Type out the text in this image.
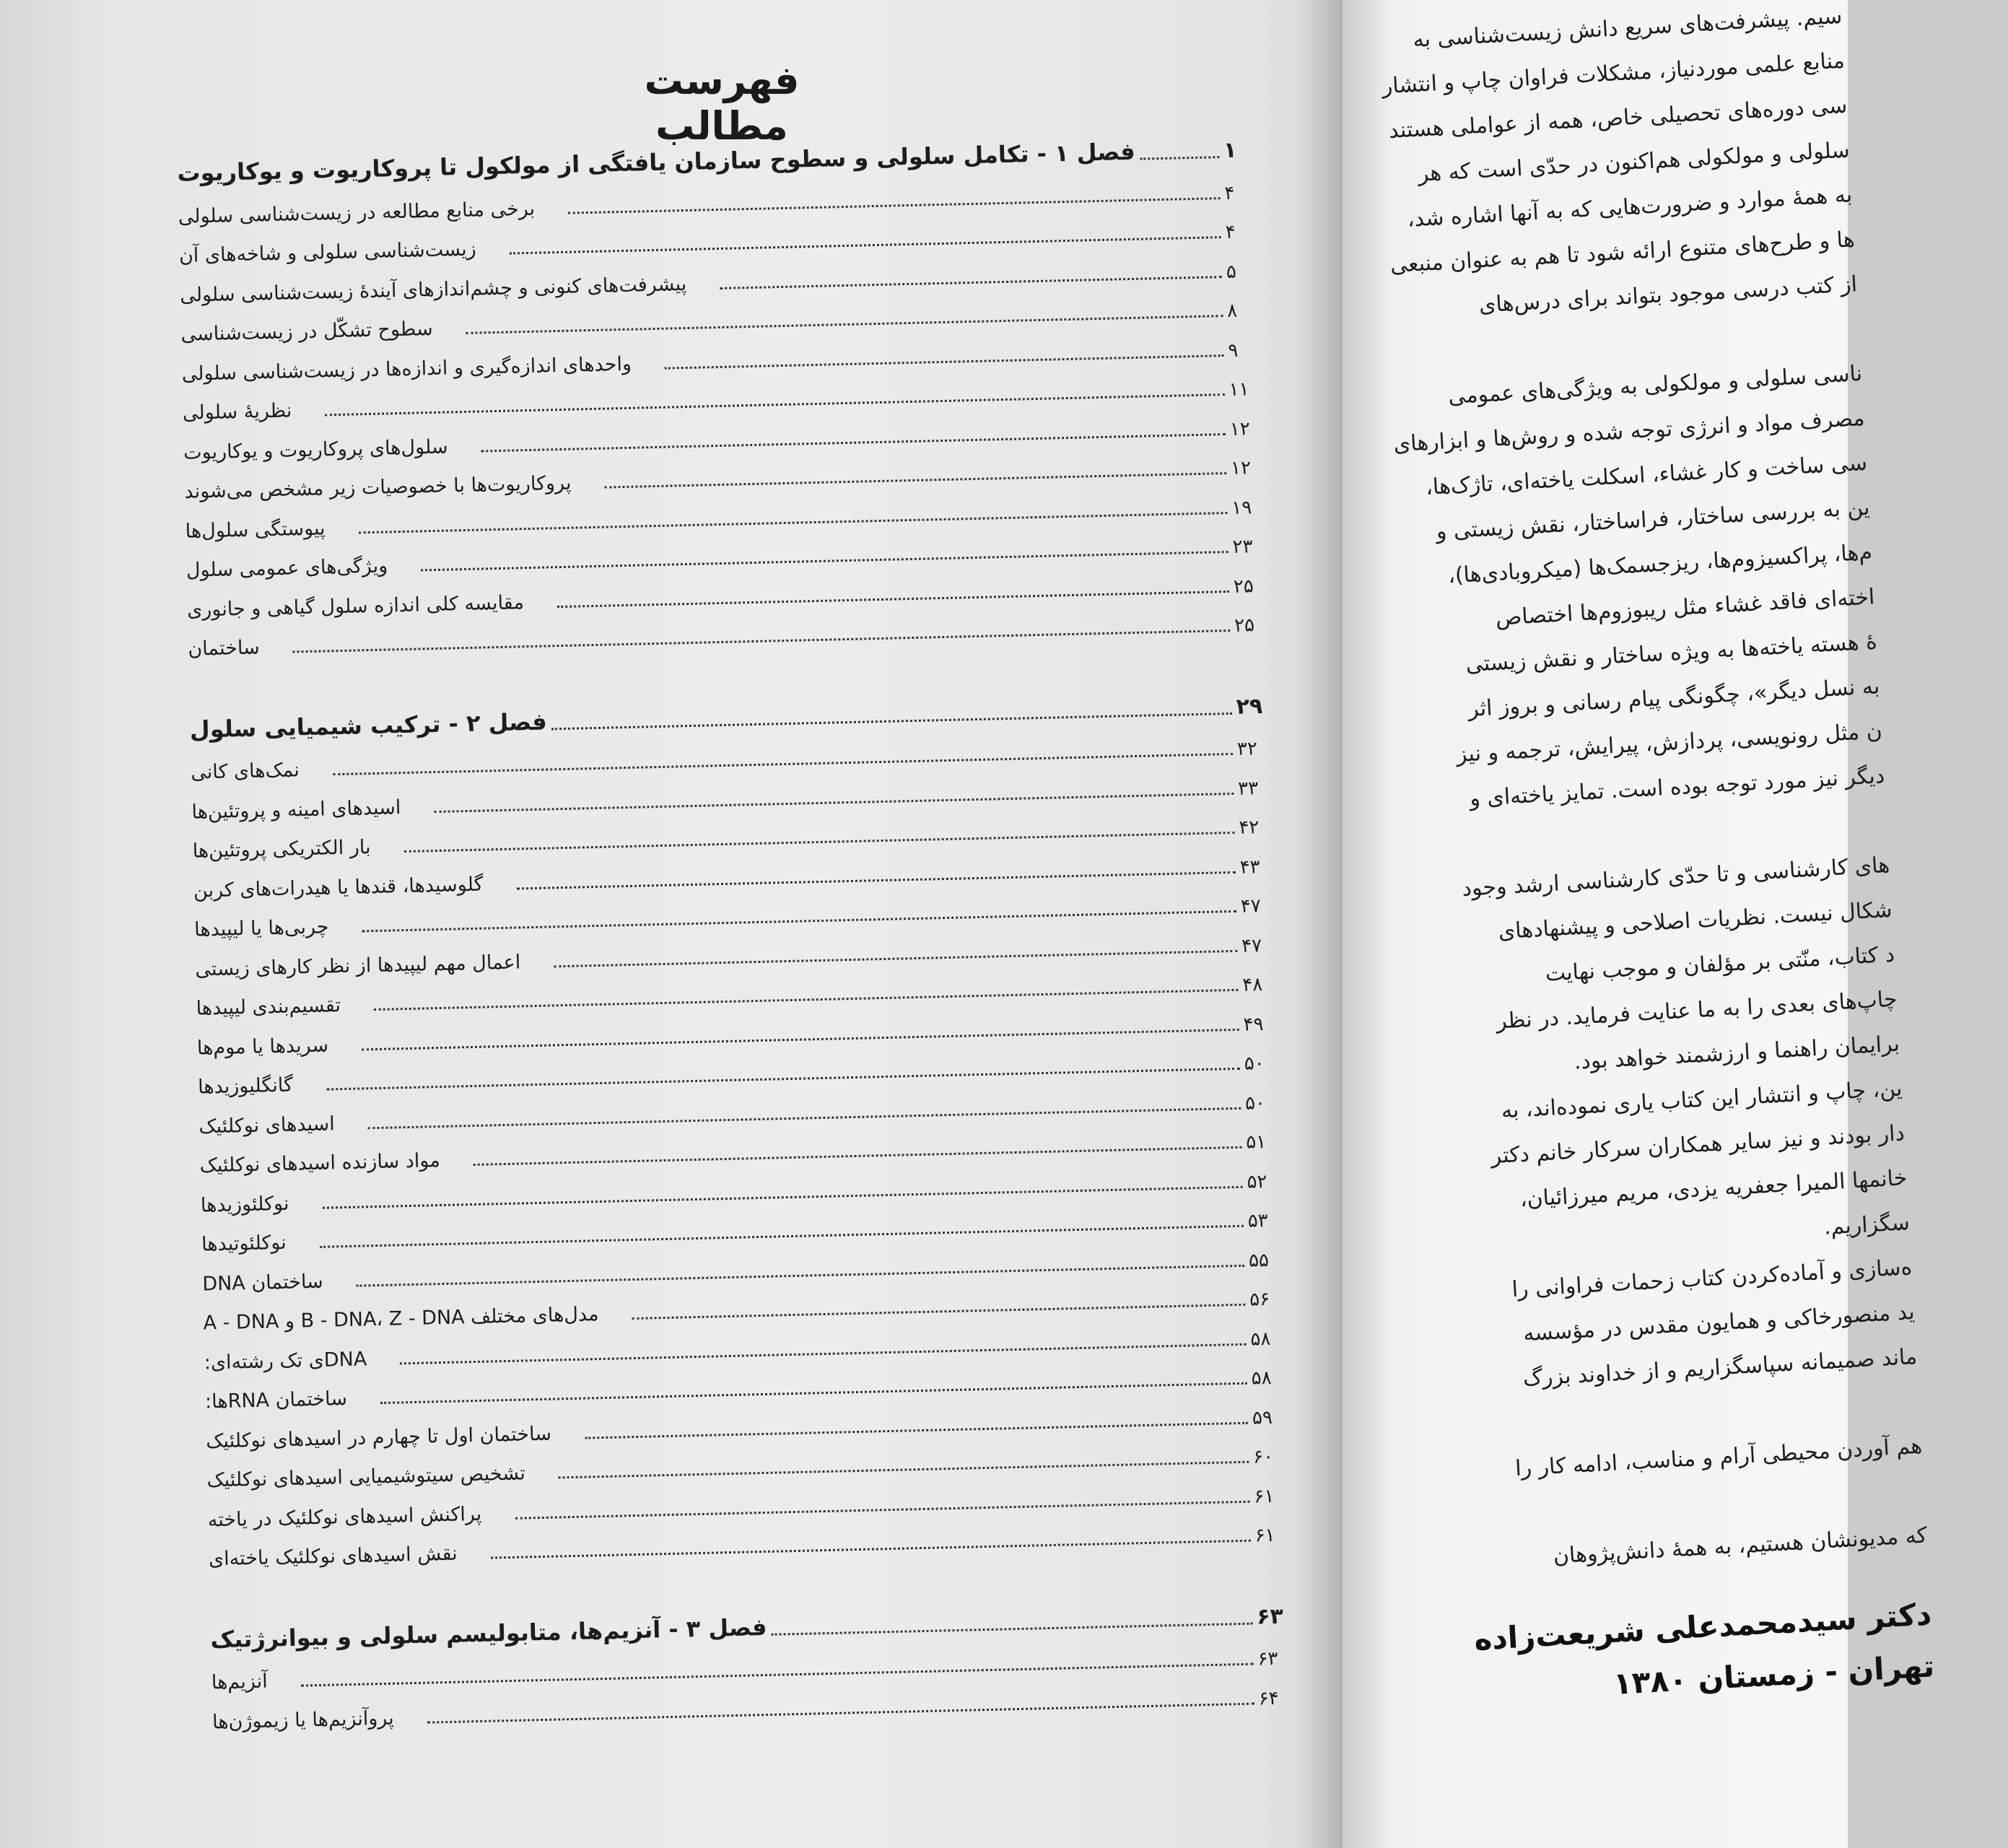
فهرست مطالب
فصل ۱ - تکامل سلولی و سطوح سازمان یافتگی از مولکول تا پروکاریوت و یوکاریوت	۱
برخی منابع مطالعه در زیست‌شناسی سلولی
۴
زیست‌شناسی سلولی و شاخه‌های آن
۴
پیشرفت‌های کنونی و چشم‌اندازهای آیندهٔ زیست‌شناسی سلولی
۵
سطوح تشکّل در زیست‌شناسی
۸
واحدهای اندازه‌گیری و اندازه‌ها در زیست‌شناسی سلولی
۹
نظریهٔ سلولی
۱۱
سلول‌های پروکاریوت و یوکاریوت
۱۲
پروکاریوت‌ها با خصوصیات زیر مشخص می‌شوند
۱۲
پیوستگی سلول‌ها
۱۹
ویژگی‌های عمومی سلول
۲۳
مقایسه کلی اندازه سلول گیاهی و جانوری
۲۵
ساختمان
۲۵
فصل ۲ - ترکیب شیمیایی سلول
۲۹
نمک‌های کانی
۳۲
اسیدهای امینه و پروتئین‌ها
۳۳
بار الکتریکی پروتئین‌ها
۴۲
گلوسیدها، قندها یا هیدرات‌های کربن
۴۳
چربی‌ها یا لیپیدها
۴۷
اعمال مهم لیپیدها از نظر کارهای زیستی
۴۷
تقسیم‌بندی لیپیدها
۴۸
سریدها یا موم‌ها
۴۹
گانگلیوزیدها
۵۰
اسیدهای نوکلئیک
۵۰
مواد سازنده اسیدهای نوکلئیک
۵۱
نوکلئوزیدها
۵۲
نوکلئوتیدها
۵۳
ساختمان DNA
۵۵
مدل‌های مختلف B - DNA، Z - DNA و A - DNA
۵۶
DNAی تک رشته‌ای:
۵۸
ساختمان RNAها:
۵۸
ساختمان اول تا چهارم در اسیدهای نوکلئیک
۵۹
تشخیص سیتوشیمیایی اسیدهای نوکلئیک
۶۰
پراکنش اسیدهای نوکلئیک در یاخته
۶۱
نقش اسیدهای نوکلئیک یاخته‌ای
۶۱
فصل ۳ - آنزیم‌ها، متابولیسم سلولی و بیوانرژتیک	۶۳
آنزیم‌ها
۶۳
پروآنزیم‌ها یا زیموژن‌ها
۶۴
سیم. پیشرفت‌های سریع دانش زیست‌شناسی به
منابع علمی موردنیاز، مشکلات فراوان چاپ و انتشار
سی دوره‌های تحصیلی خاص، همه از عواملی هستند
سلولی و مولکولی هم‌اکنون در حدّی است که هر
به همهٔ موارد و ضرورت‌هایی که به آنها اشاره شد،
ها و طرح‌های متنوع ارائه شود تا هم به عنوان منبعی
از کتب درسی موجود بتواند برای درس‌های
ناسی سلولی و مولکولی به ویژگی‌های عمومی
مصرف مواد و انرژی توجه شده و روش‌ها و ابزارهای
سی ساخت و کار غشاء، اسکلت یاخته‌ای، تاژک‌ها،
ین به بررسی ساختار، فراساختار، نقش زیستی و
م‌ها، پراکسیزوم‌ها، ریزجسمک‌ها (میکروبادی‌ها)،
اخته‌ای فاقد غشاء مثل ریبوزوم‌ها اختصاص
ۀ هسته یاخته‌ها به ویژه ساختار و نقش زیستی
به نسل دیگر»، چگونگی پیام رسانی و بروز اثر
ن مثل رونویسی، پردازش، پیرایش، ترجمه و نیز
دیگر نیز مورد توجه بوده است. تمایز یاخته‌ای و
های کارشناسی و تا حدّی کارشناسی ارشد وجود
شکال نیست. نظریات اصلاحی و پیشنهادهای
د کتاب، منّتی بر مؤلفان و موجب نهایت
چاپ‌های بعدی را به ما عنایت فرماید. در نظر
برایمان راهنما و ارزشمند خواهد بود.
ین، چاپ و انتشار این کتاب یاری نموده‌اند، به
دار بودند و نیز سایر همکاران سرکار خانم دکتر
خانمها المیرا جعفریه یزدی، مریم میرزائیان،
سگزاریم.
ه‌سازی و آماده‌کردن کتاب زحمات فراوانی را
ید منصورخاکی و همایون مقدس در مؤسسه
ماند صمیمانه سپاسگزاریم و از خداوند بزرگ
هم آوردن محیطی آرام و مناسب، ادامه کار را
که مدیونشان هستیم، به همهٔ دانش‌پژوهان
دکتر سیدمحمدعلی شریعت‌زاده
تهران - زمستان ۱۳۸۰
